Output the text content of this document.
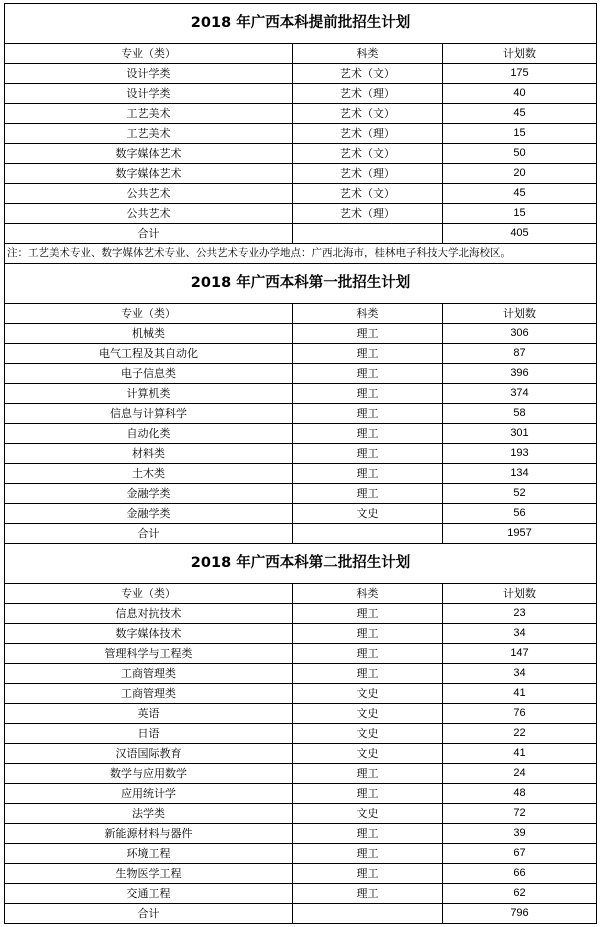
2018 年广西本科提前批招生计划		
专业（类）	科类	计划数
设计学类	艺术（文）	175
设计学类	艺术（理）	40
工艺美术	艺术（文）	45
工艺美术	艺术（理）	15
数字媒体艺术	艺术（文）	50
数字媒体艺术	艺术（理）	20
公共艺术	艺术（文）	45
公共艺术	艺术（理）	15
合计		405
注：工艺美术专业、数字媒体艺术专业、公共艺术专业办学地点：广西北海市，桂林电子科技大学北海校区。		
2018 年广西本科第一批招生计划		
专业（类）	科类	计划数
机械类	理工	306
电气工程及其自动化	理工	87
电子信息类	理工	396
计算机类	理工	374
信息与计算科学	理工	58
自动化类	理工	301
材料类	理工	193
土木类	理工	134
金融学类	理工	52
金融学类	文史	56
合计		1957
2018 年广西本科第二批招生计划		
专业（类）	科类	计划数
信息对抗技术	理工	23
数字媒体技术	理工	34
管理科学与工程类	理工	147
工商管理类	理工	34
工商管理类	文史	41
英语	文史	76
日语	文史	22
汉语国际教育	文史	41
数学与应用数学	理工	24
应用统计学	理工	48
法学类	文史	72
新能源材料与器件	理工	39
环境工程	理工	67
生物医学工程	理工	66
交通工程	理工	62
合计		796
